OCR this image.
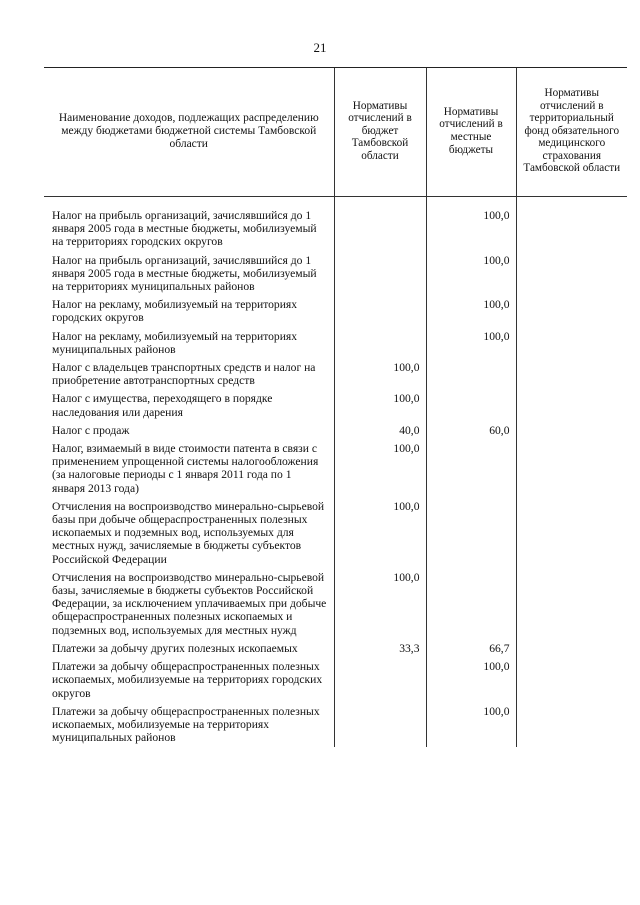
21
Наименование доходов, подлежащих распределению между бюджетами бюджетной системы Тамбовской области	Нормативы отчислений в бюджет Тамбовской области	Нормативы отчислений в местные бюджеты	Нормативы отчислений в территориальный фонд обязательного медицинского страхования Тамбовской области
Налог на прибыль организаций, зачислявшийся до 1 января 2005 года в местные бюджеты, мобилизуемый на территориях городских округов		100,0	
Налог на прибыль организаций, зачислявшийся до 1 января 2005 года в местные бюджеты, мобилизуемый на территориях муниципальных районов		100,0	
Налог на рекламу, мобилизуемый на территориях городских округов		100,0	
Налог на рекламу, мобилизуемый на территориях муниципальных районов		100,0	
Налог с владельцев транспортных средств и налог на приобретение автотранспортных средств	100,0		
Налог с имущества, переходящего в порядке наследования или дарения	100,0		
Налог с продаж	40,0	60,0	
Налог, взимаемый в виде стоимости патента в связи с применением упрощенной системы налогообложения (за налоговые периоды с 1 января 2011 года по 1 января 2013 года)	100,0		
Отчисления на воспроизводство минерально-сырьевой базы при добыче общераспространенных полезных ископаемых и подземных вод, используемых для местных нужд, зачисляемые в бюджеты субъектов Российской Федерации	100,0		
Отчисления на воспроизводство минерально-сырьевой базы, зачисляемые в бюджеты субъектов Российской Федерации, за исключением уплачиваемых при добыче общераспространенных полезных ископаемых и подземных вод, используемых для местных нужд	100,0		
Платежи за добычу других полезных ископаемых	33,3	66,7	
Платежи за добычу общераспространенных полезных ископаемых, мобилизуемые на территориях городских округов		100,0	
Платежи за добычу общераспространенных полезных ископаемых, мобилизуемые на территориях муниципальных районов		100,0	
